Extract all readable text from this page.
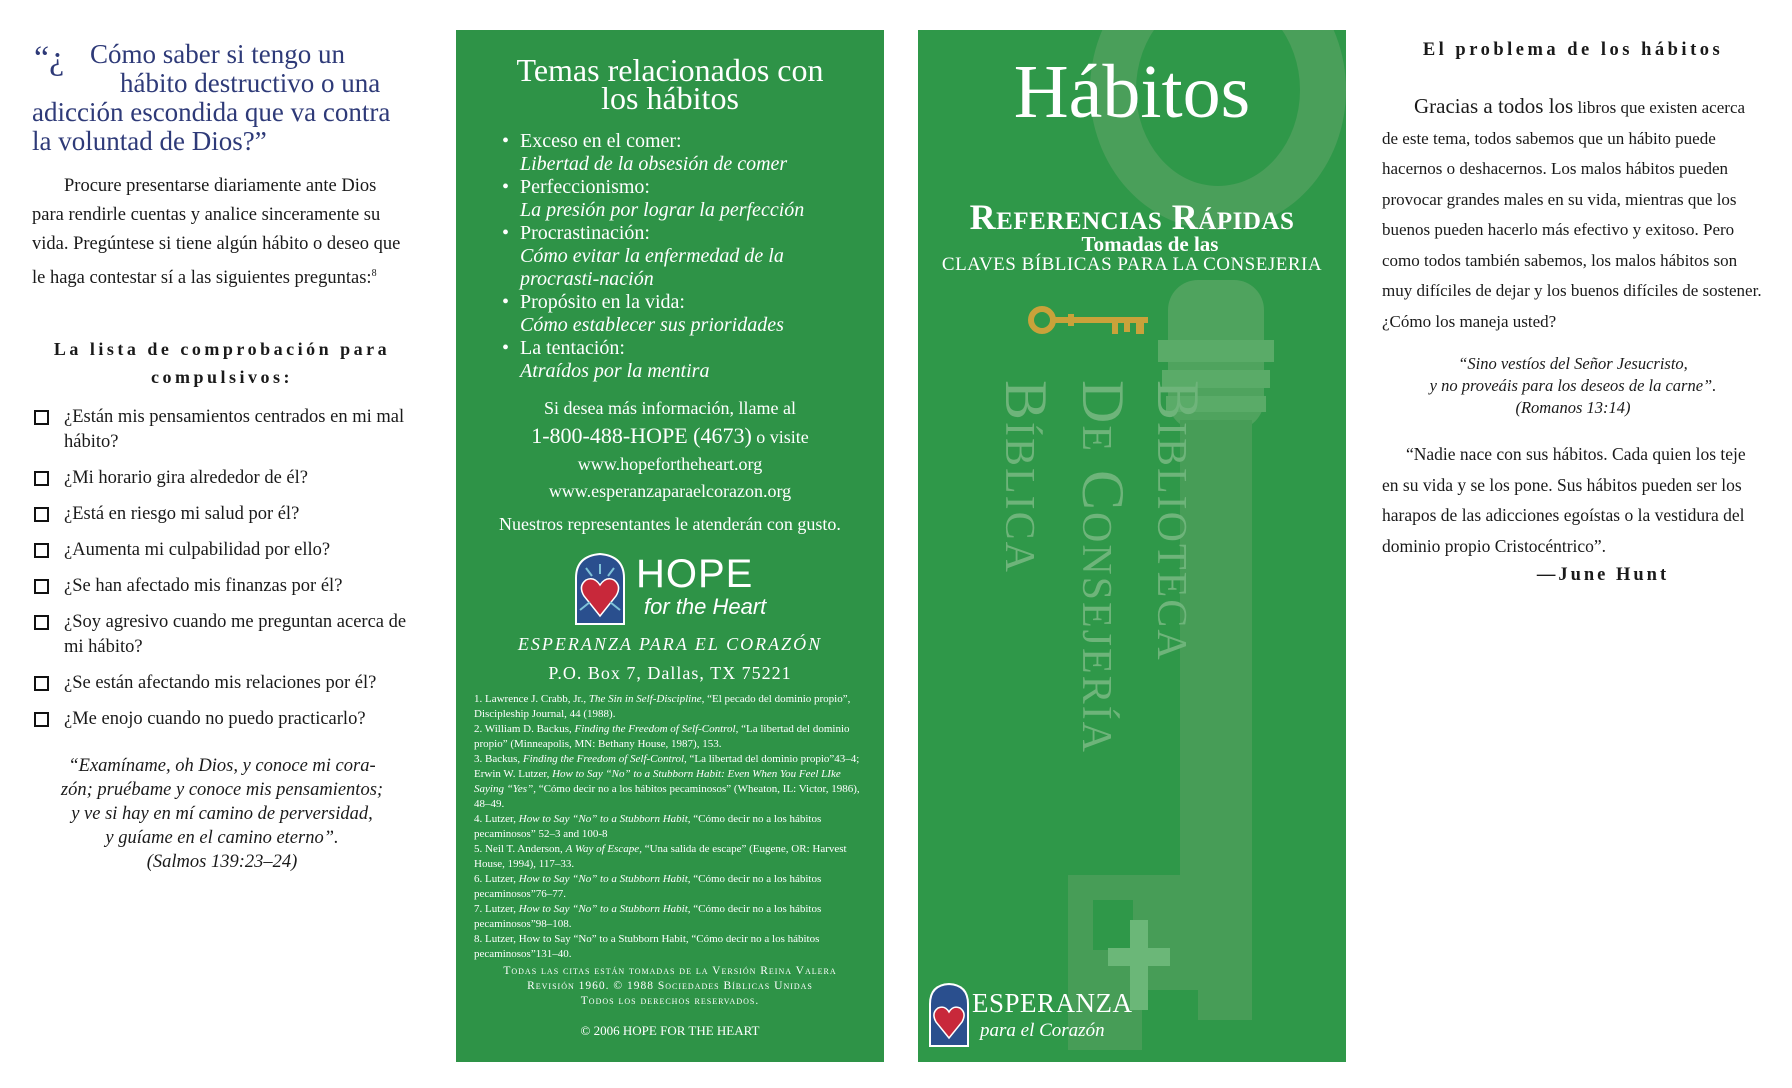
“¿ Cómo saber si tengo un
hábito destructivo o una
adicción escondida que va contra la voluntad de Dios?”
Procure presentarse diariamente ante Dios para rendirle cuentas y analice sinceramente su vida. Pregúntese si tiene algún hábito o deseo que le haga contestar sí a las siguientes preguntas:$^8$
La lista de comprobación para compulsivos:
¿Están mis pensamientos centrados en mi mal hábito?
¿Mi horario gira alrededor de él?
¿Está en riesgo mi salud por él?
¿Aumenta mi culpabilidad por ello?
¿Se han afectado mis finanzas por él?
¿Soy agresivo cuando me preguntan acerca de mi hábito?
¿Se están afectando mis relaciones por él?
¿Me enojo cuando no puedo practicarlo?
“Examíname, oh Dios, y conoce mi cora-
zón; pruébame y conoce mis pensamientos;
y ve si hay en mí camino de perversidad,
y guíame en el camino eterno”.
(Salmos 139:23–24)
Temas relacionados con
los hábitos
• Exceso en el comer:
Libertad de la obsesión de comer
• Perfeccionismo:
La presión por lograr la perfección
• Procrastinación:
Cómo evitar la enfermedad de la procrasti-nación
• Propósito en la vida:
Cómo establecer sus prioridades
• La tentación:
Atraídos por la mentira
Si desea más información, llame al
1-800-488-HOPE (4673) o visite
www.hopefortheheart.org
www.esperanzaparaelcorazon.org
Nuestros representantes le atenderán con gusto.
HOPE
for the Heart
ESPERANZA PARA EL CORAZÓN
P.O. Box 7, Dallas, TX 75221
1. Lawrence J. Crabb, Jr., The Sin in Self-Discipline, “El pecado del dominio propio”, Discipleship Journal, 44 (1988).
2. William D. Backus, Finding the Freedom of Self-Control, “La libertad del dominio propio” (Minneapolis, MN: Bethany House, 1987), 153.
3. Backus, Finding the Freedom of Self-Control, “La libertad del dominio propio”43–4; Erwin W. Lutzer, How to Say “No” to a Stubborn Habit: Even When You Feel LIke Saying “Yes”, “Cómo decir no a los hábitos pecaminosos” (Wheaton, IL: Victor, 1986), 48–49.
4. Lutzer, How to Say “No” to a Stubborn Habit, “Cómo decir no a los hábitos pecaminosos” 52–3 and 100-8
5. Neil T. Anderson, A Way of Escape, “Una salida de escape” (Eugene, OR: Harvest House, 1994), 117–33.
6. Lutzer, How to Say “No” to a Stubborn Habit, “Cómo decir no a los hábitos pecaminosos”76–77.
7. Lutzer, How to Say “No” to a Stubborn Habit, “Cómo decir no a los hábitos pecaminosos”98–108.
8. Lutzer, How to Say “No” to a Stubborn Habit, “Cómo decir no a los hábitos pecaminosos”131–40.
Todas las citas están tomadas de la Versión Reina Valera
Revisión 1960. © 1988 Sociedades Bíblicas Unidas
Todos los derechos reservados.
© 2006 HOPE FOR THE HEART
Hábitos
Referencias Rápidas
Tomadas de las
CLAVES BÍBLICAS PARA LA CONSEJERIA
Biblioteca
De Consejería
Bíblica
ESPERANZA
para el Corazón
El problema de los hábitos
Gracias a todos los libros que existen acerca de este tema, todos sabemos que un hábito puede hacernos o deshacernos. Los malos hábitos pueden provocar grandes males en su vida, mientras que los buenos pueden hacerlo más efectivo y exitoso. Pero como todos también sabemos, los malos hábitos son muy difíciles de dejar y los buenos difíciles de sostener. ¿Cómo los maneja usted?
“Sino vestíos del Señor Jesucristo,
y no proveáis para los deseos de la carne”.
(Romanos 13:14)
“Nadie nace con sus hábitos. Cada quien los teje en su vida y se los pone. Sus hábitos pueden ser los harapos de las adicciones egoístas o la vestidura del dominio propio Cristocéntrico”.
—June Hunt
